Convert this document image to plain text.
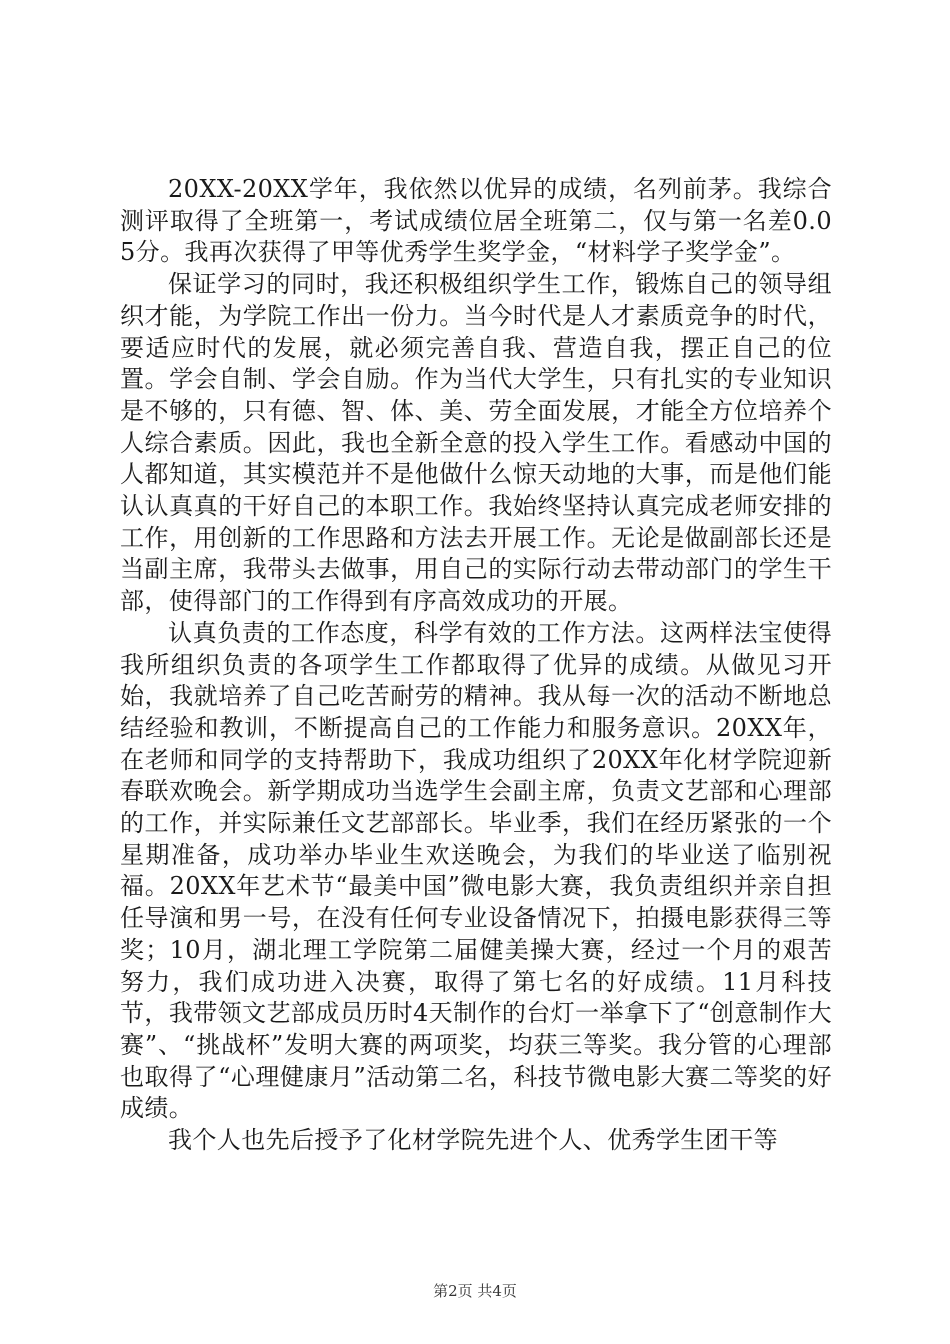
20XX-20XX学年，我依然以优异的成绩，名列前茅。我综合测评取得了全班第一，考试成绩位居全班第二，仅与第一名差0.05分。我再次获得了甲等优秀学生奖学金，“材料学子奖学金”。

保证学习的同时，我还积极组织学生工作，锻炼自己的领导组织才能，为学院工作出一份力。当今时代是人才素质竞争的时代，要适应时代的发展，就必须完善自我、营造自我，摆正自己的位置。学会自制、学会自励。作为当代大学生，只有扎实的专业知识是不够的，只有德、智、体、美、劳全面发展，才能全方位培养个人综合素质。因此，我也全新全意的投入学生工作。看感动中国的人都知道，其实模范并不是他做什么惊天动地的大事，而是他们能认认真真的干好自己的本职工作。我始终坚持认真完成老师安排的工作，用创新的工作思路和方法去开展工作。无论是做副部长还是当副主席，我带头去做事，用自己的实际行动去带动部门的学生干部，使得部门的工作得到有序高效成功的开展。

认真负责的工作态度，科学有效的工作方法。这两样法宝使得我所组织负责的各项学生工作都取得了优异的成绩。从做见习开始，我就培养了自己吃苦耐劳的精神。我从每一次的活动不断地总结经验和教训，不断提高自己的工作能力和服务意识。20XX年，在老师和同学的支持帮助下，我成功组织了20XX年化材学院迎新春联欢晚会。新学期成功当选学生会副主席，负责文艺部和心理部的工作，并实际兼任文艺部部长。毕业季，我们在经历紧张的一个星期准备，成功举办毕业生欢送晚会，为我们的毕业送了临别祝福。20XX年艺术节“最美中国”微电影大赛，我负责组织并亲自担任导演和男一号，在没有任何专业设备情况下，拍摄电影获得三等奖；10月，湖北理工学院第二届健美操大赛，经过一个月的艰苦努力，我们成功进入决赛，取得了第七名的好成绩。11月科技节，我带领文艺部成员历时4天制作的台灯一举拿下了“创意制作大赛”、“挑战杯”发明大赛的两项奖，均获三等奖。我分管的心理部也取得了“心理健康月”活动第二名，科技节微电影大赛二等奖的好成绩。

我个人也先后授予了化材学院先进个人、优秀学生团干等

第2页 共4页
